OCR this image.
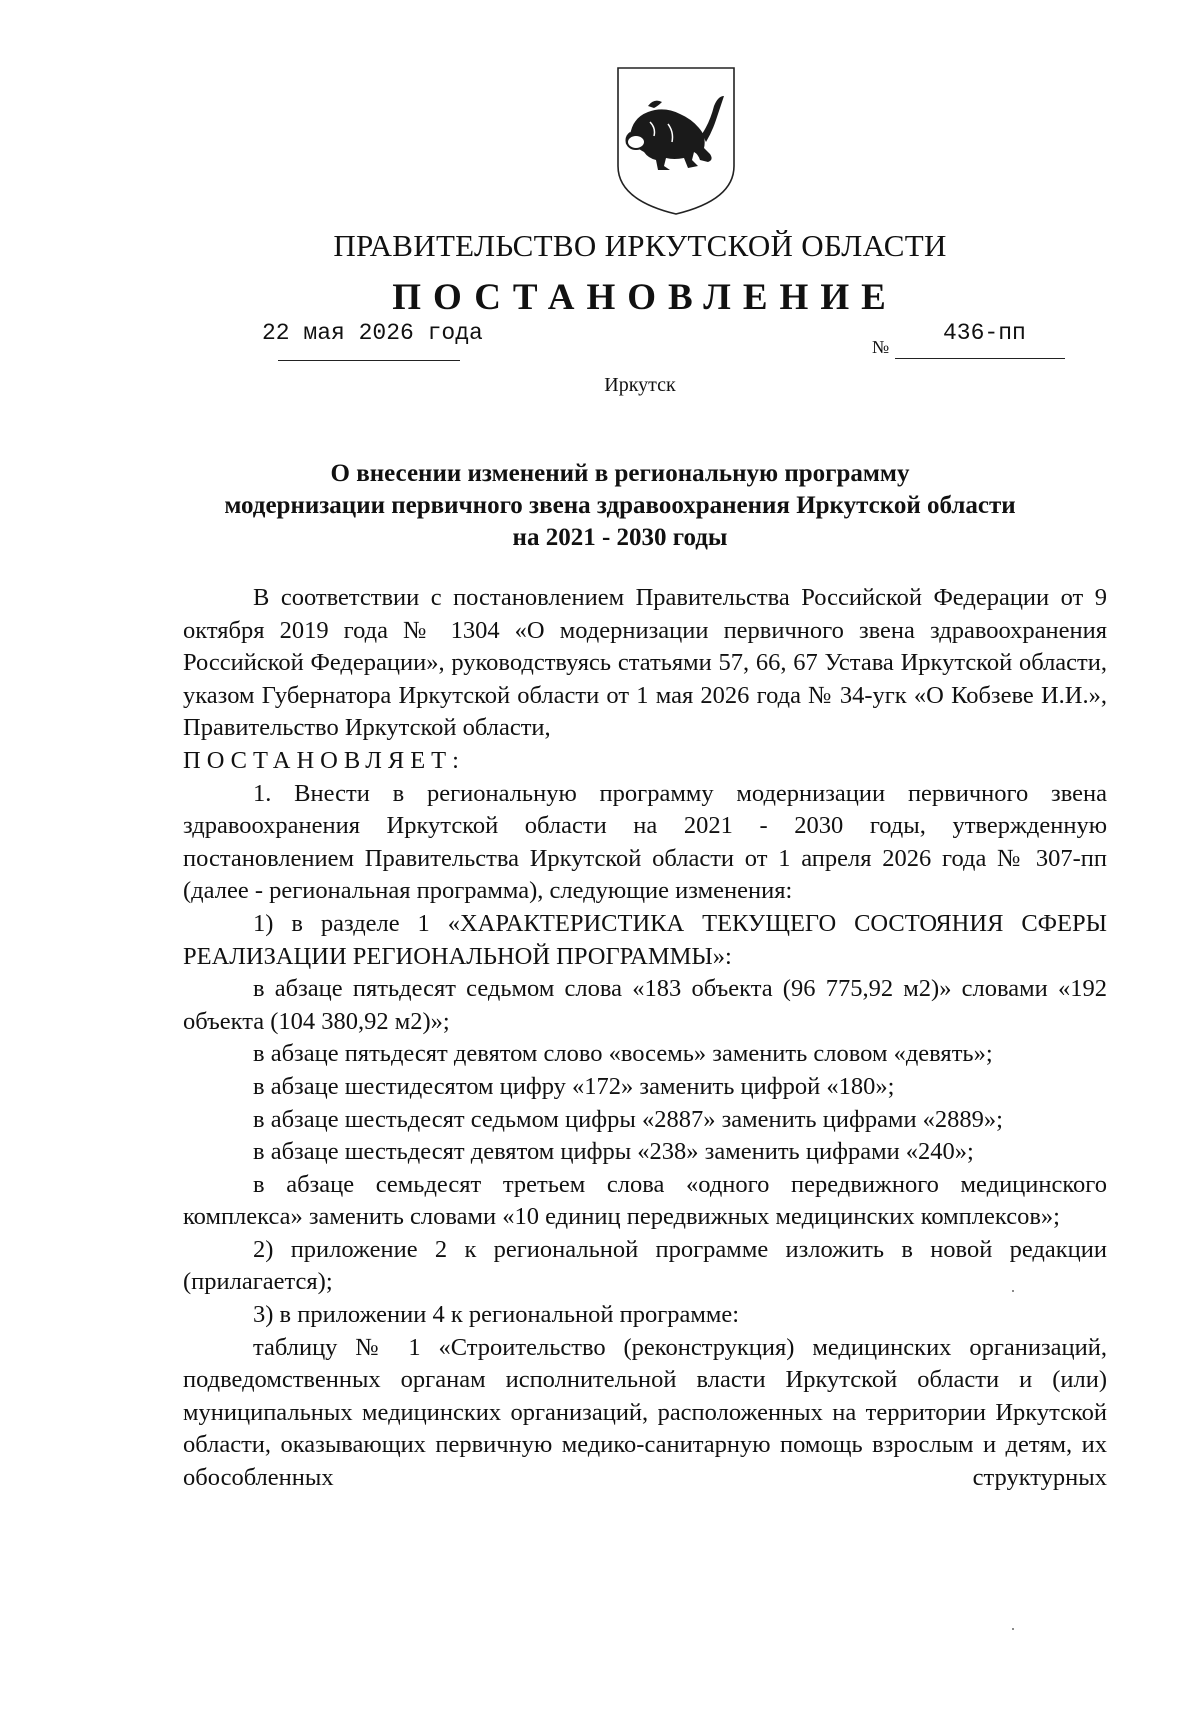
ПРАВИТЕЛЬСТВО ИРКУТСКОЙ ОБЛАСТИ
ПОСТАНОВЛЕНИЕ
22 мая 2026 года
№
436-пп
Иркутск
О внесении изменений в региональную программу
модернизации первичного звена здравоохранения Иркутской области
на 2021 - 2030 годы

В соответствии с постановлением Правительства Российской Федерации от 9 октября 2019 года № 1304 «О модернизации первичного звена здравоохранения Российской Федерации», руководствуясь статьями 57, 66, 67 Устава Иркутской области, указом Губернатора Иркутской области от 1 мая 2026 года № 34-угк «О Кобзеве И.И.», Правительство Иркутской области,

ПОСТАНОВЛЯЕТ:

1. Внести в региональную программу модернизации первичного звена здравоохранения Иркутской области на 2021 - 2030 годы, утвержденную постановлением Правительства Иркутской области от 1 апреля 2026 года № 307-пп (далее - региональная программа), следующие изменения:

1) в разделе 1 «ХАРАКТЕРИСТИКА ТЕКУЩЕГО СОСТОЯНИЯ СФЕРЫ РЕАЛИЗАЦИИ РЕГИОНАЛЬНОЙ ПРОГРАММЫ»:

в абзаце пятьдесят седьмом слова «183 объекта (96 775,92 м2)» словами «192 объекта (104 380,92 м2)»;

в абзаце пятьдесят девятом слово «восемь» заменить словом «девять»;

в абзаце шестидесятом цифру «172» заменить цифрой «180»;

в абзаце шестьдесят седьмом цифры «2887» заменить цифрами «2889»;

в абзаце шестьдесят девятом цифры «238» заменить цифрами «240»;

в абзаце семьдесят третьем слова «одного передвижного медицинского комплекса» заменить словами «10 единиц передвижных медицинских комплексов»;

2) приложение 2 к региональной программе изложить в новой редакции (прилагается);

3) в приложении 4 к региональной программе:

таблицу № 1 «Строительство (реконструкция) медицинских организаций, подведомственных органам исполнительной власти Иркутской области и (или) муниципальных медицинских организаций, расположенных на территории Иркутской области, оказывающих первичную медико-санитарную помощь взрослым и детям, их обособленных структурных
